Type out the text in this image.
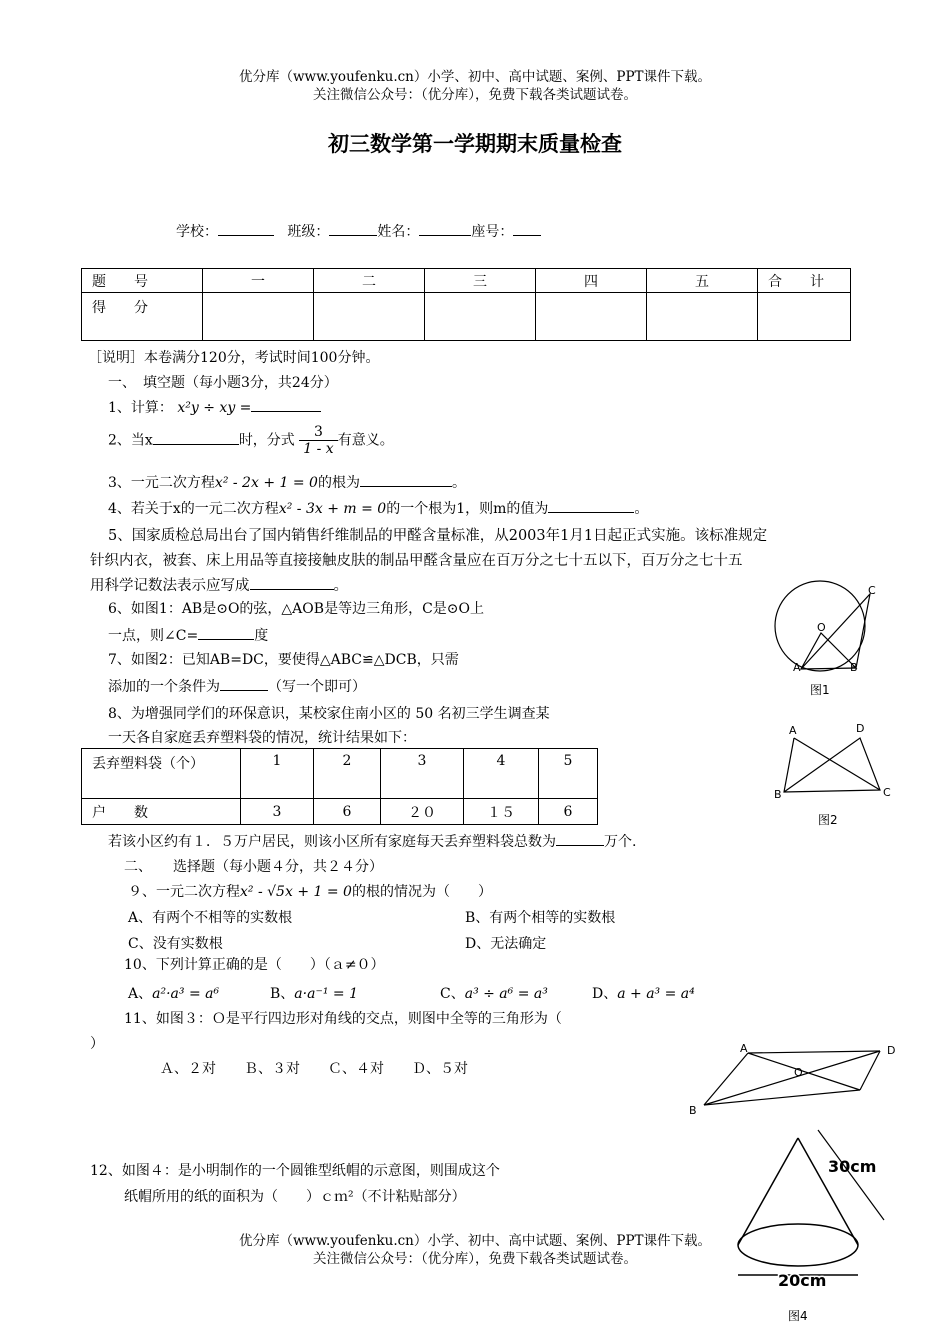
优分库（www.youfenku.cn）小学、初中、高中试题、案例、PPT课件下载。
关注微信公众号：（优分库），免费下载各类试题试卷。
初三数学第一学期期末质量检查
学校：	班级：	姓名：	座号：
题　　号	一	二	三	四	五	合　　计
得　　分						
［说明］本卷满分120分，考试时间100分钟。
一、　填空题（每小题3分，共24分）
1、计算： x²y ÷ xy =
2、当x	时，分式 $\frac{3}{1 - x}$ 有意义。
3、一元二次方程x² - 2x + 1 = 0的根为	。
4、若关于x的一元二次方程x² - 3x + m = 0的一个根为1，则m的值为	。
5、国家质检总局出台了国内销售纤维制品的甲醛含量标准，从2003年1月1日起正式实施。该标准规定
针织内衣，被套、床上用品等直接接触皮肤的制品甲醛含量应在百万分之七十五以下，百万分之七十五
用科学记数法表示应写成	。
6、如图1：AB是⊙O的弦，△AOB是等边三角形，C是⊙O上
一点，则∠C=	度
7、如图2：已知AB=DC，要使得△ABC≌△DCB，只需
添加的一个条件为	（写一个即可）
8、为增强同学们的环保意识，某校家住南小区的 50 名初三学生调查某
一天各自家庭丢弃塑料袋的情况，统计结果如下：
丢弃塑料袋（个）	1	2	3	4	5
户　　数	3	6	２０	１５	6
若该小区约有１．５万户居民，则该小区所有家庭每天丢弃塑料袋总数为	万个.
二、　　选择题（每小题４分，共２４分）
９、一元二次方程x² - √5x + 1 = 0的根的情况为（　　）
A、有两个不相等的实数根	B、有两个相等的实数根
C、没有实数根	D、无法确定
10、下列计算正确的是（　　）（ａ≠０）
A、a²·a³ = a⁶	B、a·a⁻¹ = 1	C、a³ ÷ a⁶ = a³	D、a + a³ = a⁴
11、如图３：Ｏ是平行四边形对角线的交点，则图中全等的三角形为（
）
Ａ、２对　　Ｂ、３对　　Ｃ、４对　　Ｄ、５对
12、如图４：是小明制作的一个圆锥型纸帽的示意图，则围成这个
纸帽所用的纸的面积为（　　）ｃｍ²（不计粘贴部分）
优分库（www.youfenku.cn）小学、初中、高中试题、案例、PPT课件下载。
关注微信公众号：（优分库），免费下载各类试题试卷。
O
C
A	B
图1
A	D
B	C
图2
A	D
O
B
30cm
20cm
图4
